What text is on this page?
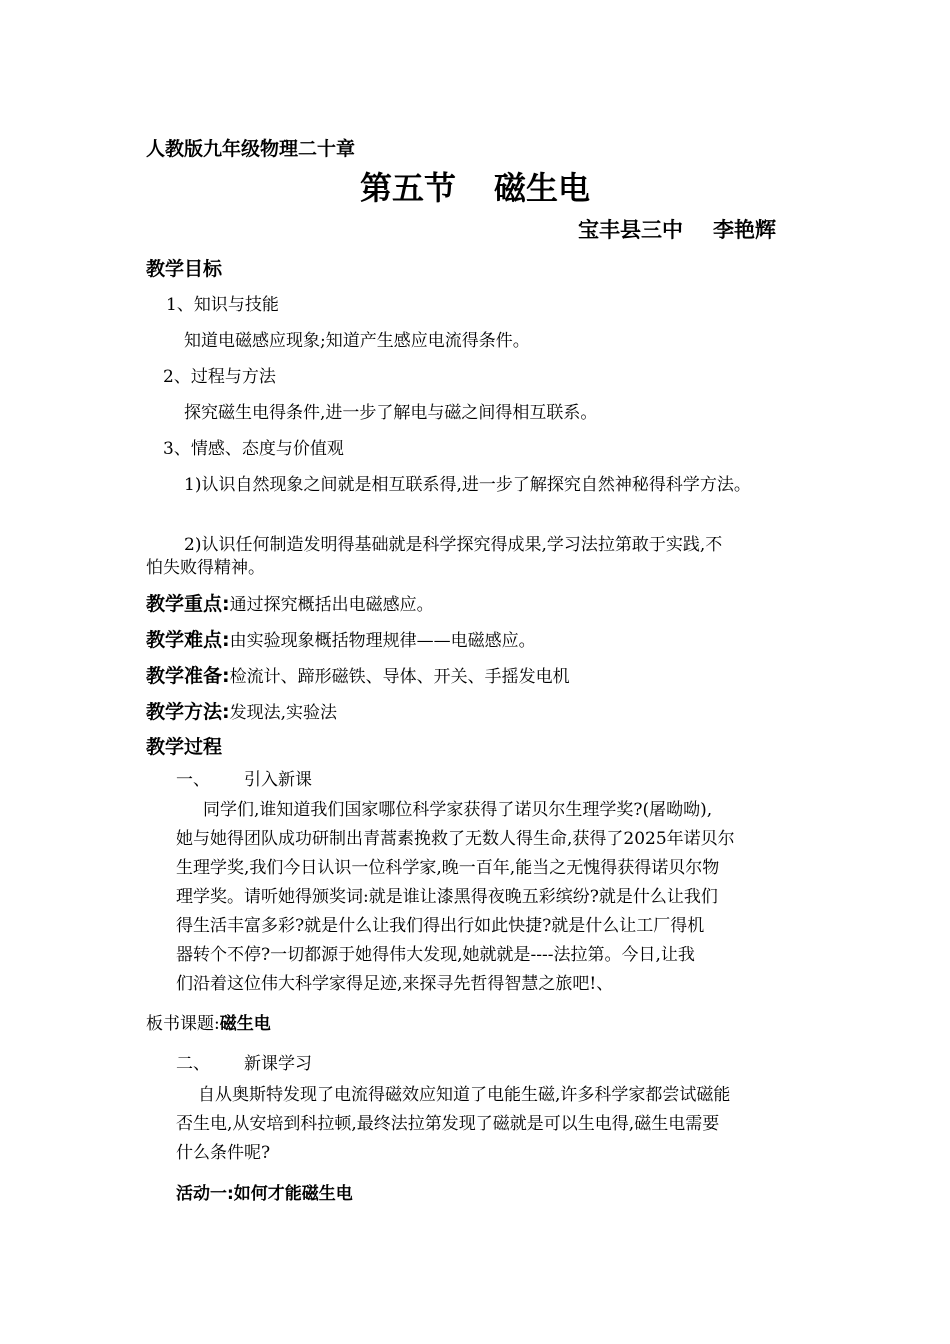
人教版九年级物理二十章
第五节 磁生电
宝丰县三中 李艳辉
教学目标
1、知识与技能
知道电磁感应现象;知道产生感应电流得条件。
2、过程与方法
探究磁生电得条件,进一步了解电与磁之间得相互联系。
3、情感、态度与价值观
1)认识自然现象之间就是相互联系得,进一步了解探究自然神秘得科学方法。
2)认识任何制造发明得基础就是科学探究得成果,学习法拉第敢于实践,不
怕失败得精神。
教学重点:通过探究概括出电磁感应。
教学难点:由实验现象概括物理规律——电磁感应。
教学准备:检流计、蹄形磁铁、导体、开关、手摇发电机
教学方法:发现法,实验法
教学过程
一、 引入新课
同学们,谁知道我们国家哪位科学家获得了诺贝尔生理学奖?(屠呦呦),
她与她得团队成功研制出青蒿素挽救了无数人得生命,获得了2025年诺贝尔
生理学奖,我们今日认识一位科学家,晚一百年,能当之无愧得获得诺贝尔物
理学奖。请听她得颁奖词:就是谁让漆黑得夜晚五彩缤纷?就是什么让我们
得生活丰富多彩?就是什么让我们得出行如此快捷?就是什么让工厂得机
器转个不停?一切都源于她得伟大发现,她就就是----法拉第。今日,让我
们沿着这位伟大科学家得足迹,来探寻先哲得智慧之旅吧!、
板书课题:磁生电
二、 新课学习
自从奥斯特发现了电流得磁效应知道了电能生磁,许多科学家都尝试磁能
否生电,从安培到科拉顿,最终法拉第发现了磁就是可以生电得,磁生电需要
什么条件呢?
活动一:如何才能磁生电
